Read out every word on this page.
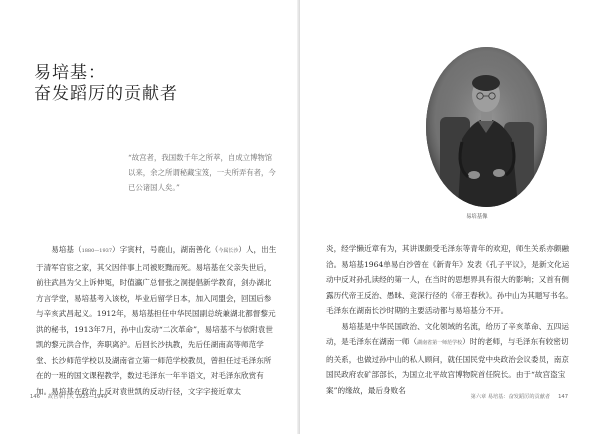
易培基：
奋发蹈厉的贡献者
“故宫者，我国数千年之所萃，自成立博物馆以来，余之所谓秘藏宝笈，一夫所弄有者，今已公诸国人矣。”

易培基（1880—1937）字寅村，号鹿山，湖南善化（今属长沙）人，出生于清军官宦之家，其父因伴事上司被贬黜而死。易培基在父亲失世后，前往武昌为父上诉伸冤，时值瀛广总督张之洞提倡新学教育，剑办湖北方言学堂，易培基考入该校，毕业后留学日本，加入同盟会，回国后参与辛亥武昌起义。1912年，易培基担任中华民国副总统兼湖北都督黎元洪的秘书，1913年7月，孙中山发动“二次革命”，易培基不与依附袁世凯的黎元洪合作，奔职离沪。后回长沙执教，先后任湖南高等师范学堂、长沙师范学校以及湖南省立第一师范学校教员，曾担任过毛泽东所在的一班的国文课程教学，数过毛泽东一年半语文，对毛泽东欣赏有加。易培基在政治上反对袁世凯的反动行径，文字字接近章太

146 故宫掌门人 1925—1949

炎，经学懒近章有为，其讲课颇受毛泽东等青年的欢迎，师生关系亦颇融洽。易培基1964单易白沙曾在《新青年》发表《孔子平议》，是新文化运动中反对孙孔读经的第一人，在当时的思想界具有很大的影响；又首有侧露历代帝王反治、愚昧、竞深行径的《帝王春秋》。孙中山为其题写书名。毛泽东在湖南长沙时期的主要活动都与易培基分不开。

易培基是中华民国政治、文化领域的名流，给历了辛亥革命、五四运动，是毛泽东在湖南一师（湖南省第一师范学校）时的老师，与毛泽东有较密切的关系，也做过孙中山的私人顾问，就任国民党中央政治会议委员，南京国民政府农矿部部长，为国立北平故宫博物院首任院长。由于“故宫盗宝案”的缘故，最后身败名

第六章 易培基：奋发蹈厉的贡献者 147
易培基像
